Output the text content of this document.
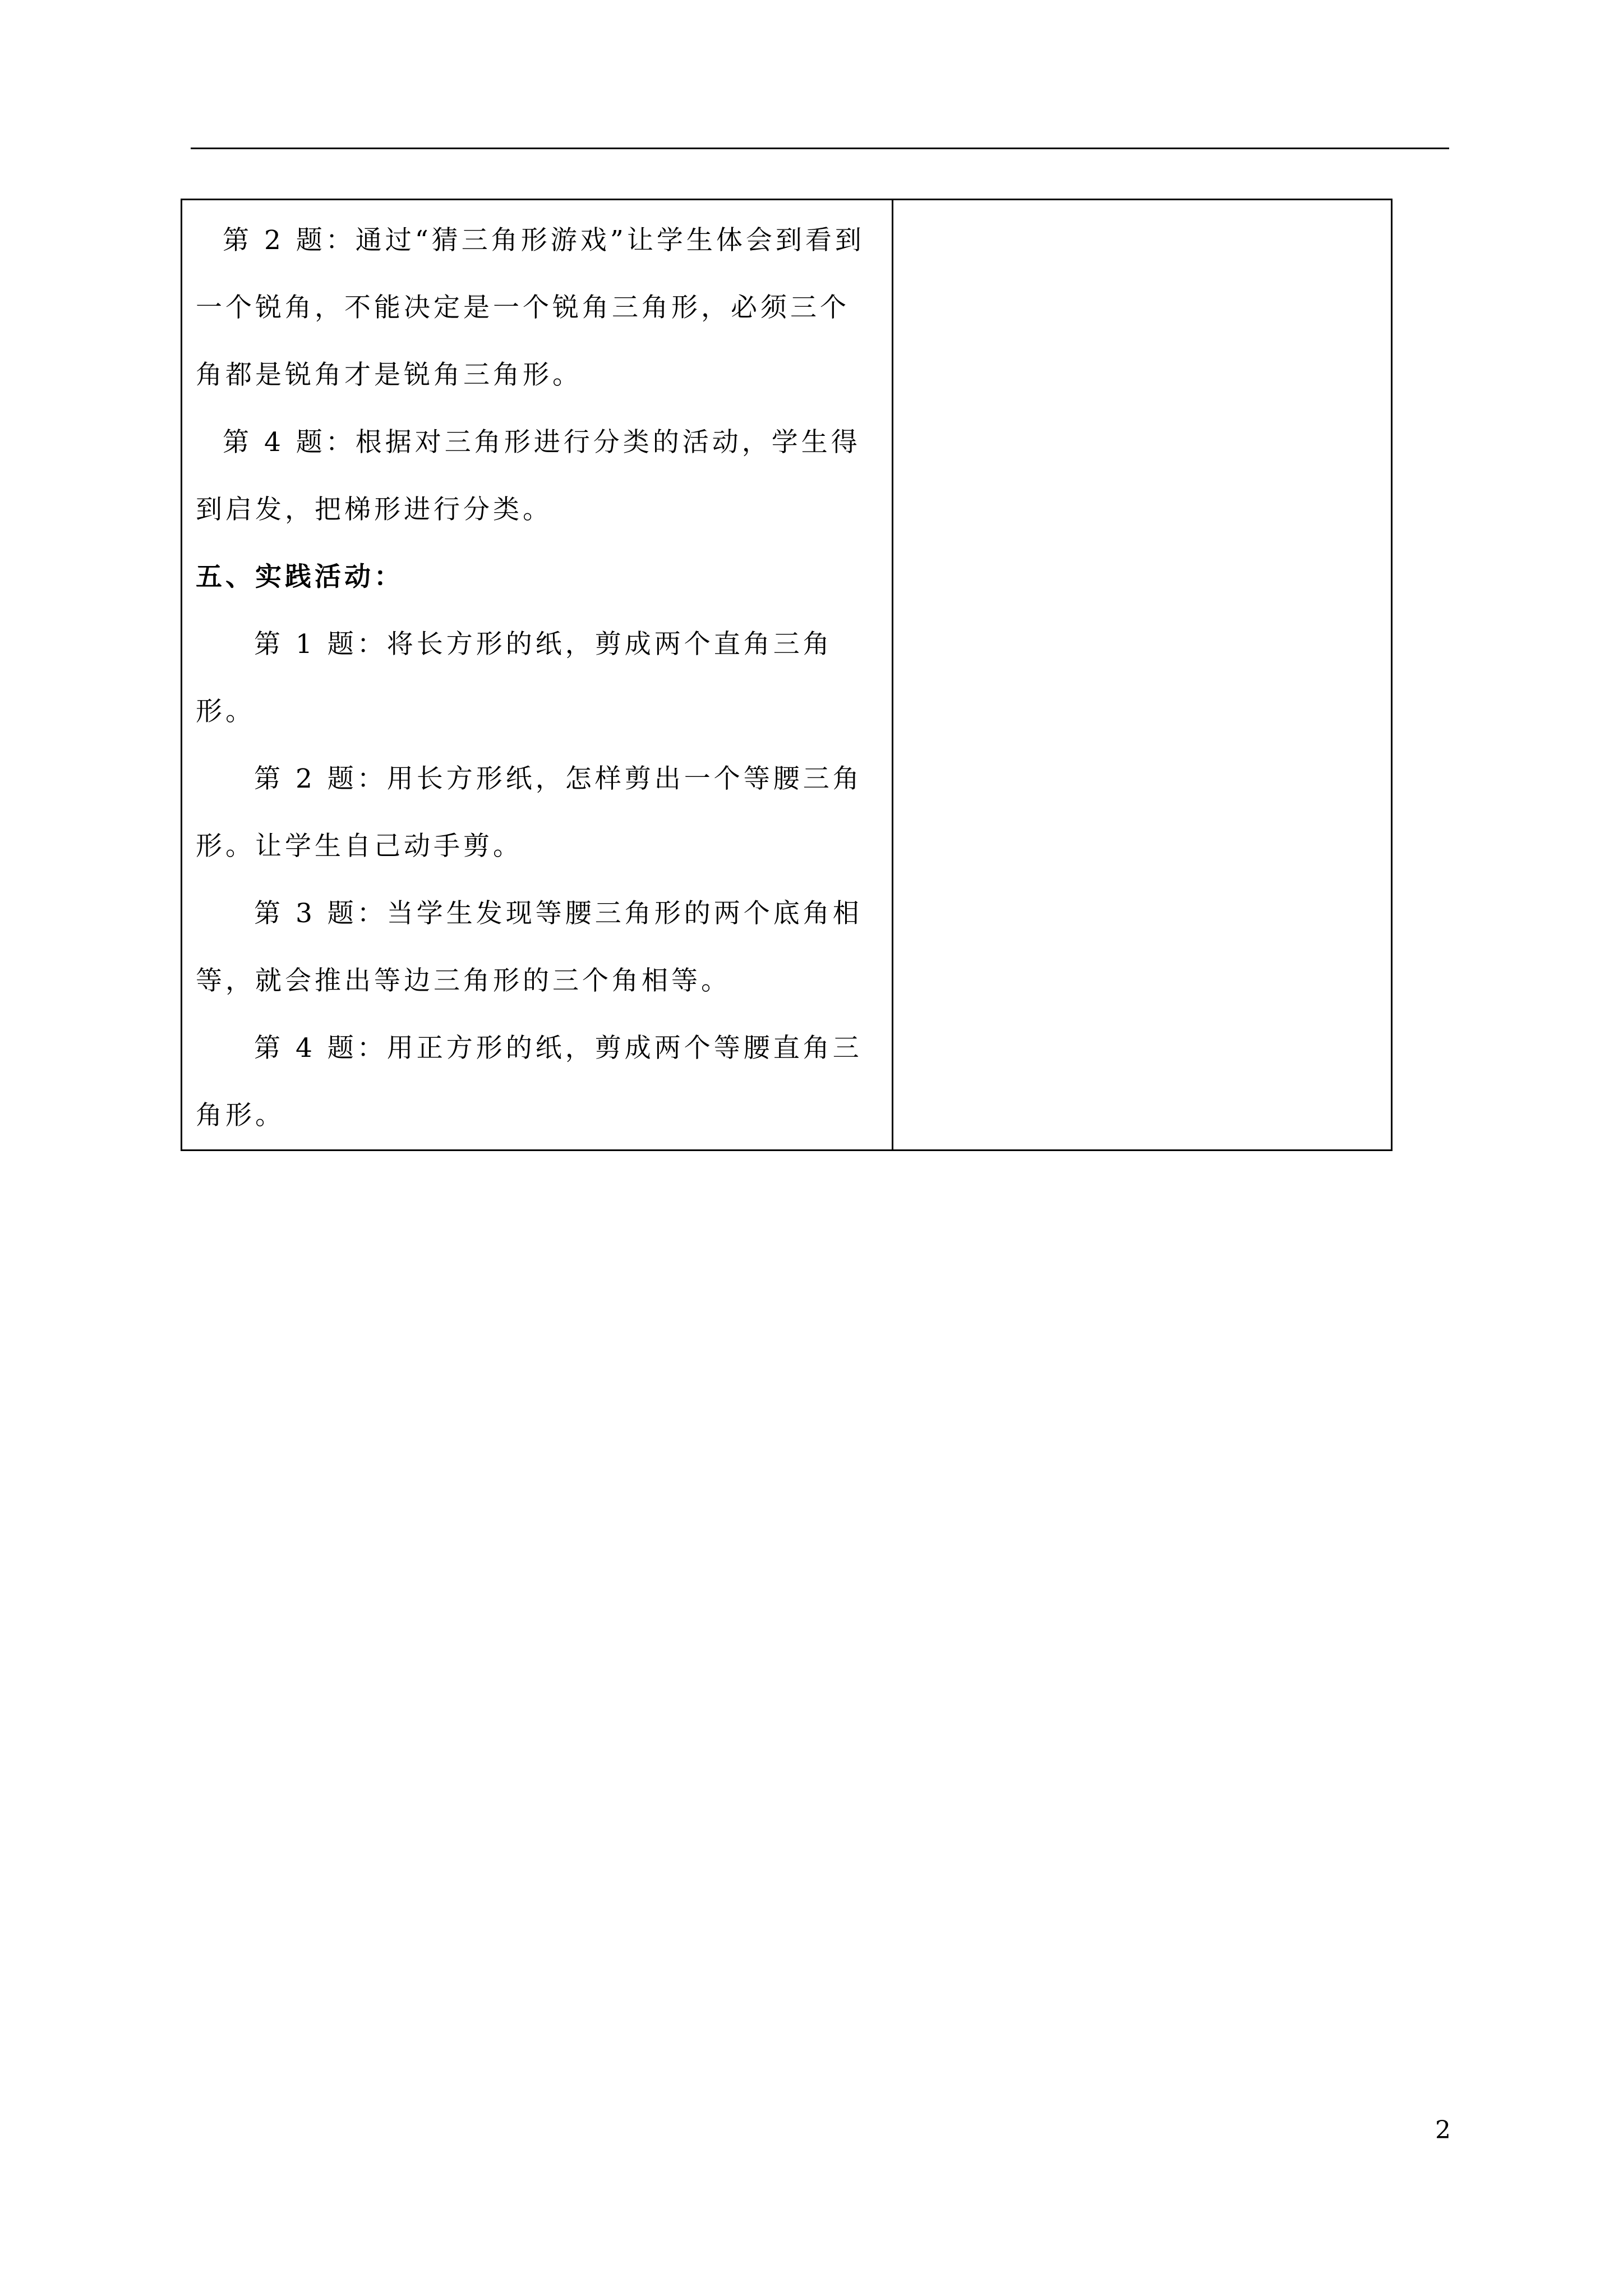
第 2 题：通过“猜三角形游戏”让学生体会到看到一个锐角，不能决定是一个锐角三角形，必须三个角都是锐角才是锐角三角形。

第 4 题：根据对三角形进行分类的活动，学生得到启发，把梯形进行分类。

五、实践活动：

第 1 题：将长方形的纸，剪成两个直角三角形。

第 2 题：用长方形纸，怎样剪出一个等腰三角形。让学生自己动手剪。

第 3 题：当学生发现等腰三角形的两个底角相等，就会推出等边三角形的三个角相等。

第 4 题：用正方形的纸，剪成两个等腰直角三角形。

2
